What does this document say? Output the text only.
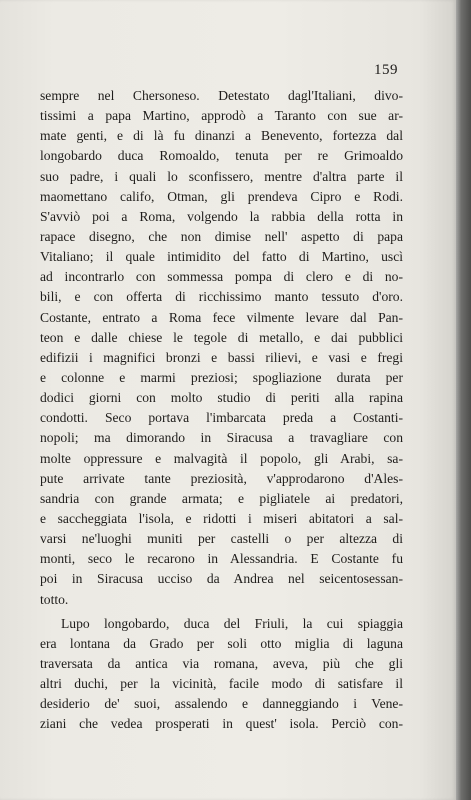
159
sempre nel Chersoneso. Detestato dagl'Italiani, divo-
tissimi a papa Martino, approdò a Taranto con sue ar-
mate genti, e di là fu dinanzi a Benevento, fortezza dal
longobardo duca Romoaldo, tenuta per re Grimoaldo
suo padre, i quali lo sconfissero, mentre d'altra parte il
maomettano califo, Otman, gli prendeva Cipro e Rodi.
S'avviò poi a Roma, volgendo la rabbia della rotta in
rapace disegno, che non dimise nell' aspetto di papa
Vitaliano; il quale intimidito del fatto di Martino, uscì
ad incontrarlo con sommessa pompa di clero e di no-
bili, e con offerta di ricchissimo manto tessuto d'oro.
Costante, entrato a Roma fece vilmente levare dal Pan-
teon e dalle chiese le tegole di metallo, e dai pubblici
edifizii i magnifici bronzi e bassi rilievi, e vasi e fregi
e colonne e marmi preziosi; spogliazione durata per
dodici giorni con molto studio di periti alla rapina
condotti. Seco portava l'imbarcata preda a Costanti-
nopoli; ma dimorando in Siracusa a travagliare con
molte oppressure e malvagità il popolo, gli Arabi, sa-
pute arrivate tante preziosità, v'approdarono d'Ales-
sandria con grande armata; e pigliatele ai predatori,
e saccheggiata l'isola, e ridotti i miseri abitatori a sal-
varsi ne'luoghi muniti per castelli o per altezza di
monti, seco le recarono in Alessandria. E Costante fu
poi in Siracusa ucciso da Andrea nel seicentosessan-
totto.
Lupo longobardo, duca del Friuli, la cui spiaggia
era lontana da Grado per soli otto miglia di laguna
traversata da antica via romana, aveva, più che gli
altri duchi, per la vicinità, facile modo di satisfare il
desiderio de' suoi, assalendo e danneggiando i Vene-
ziani che vedea prosperati in quest' isola. Perciò con-
